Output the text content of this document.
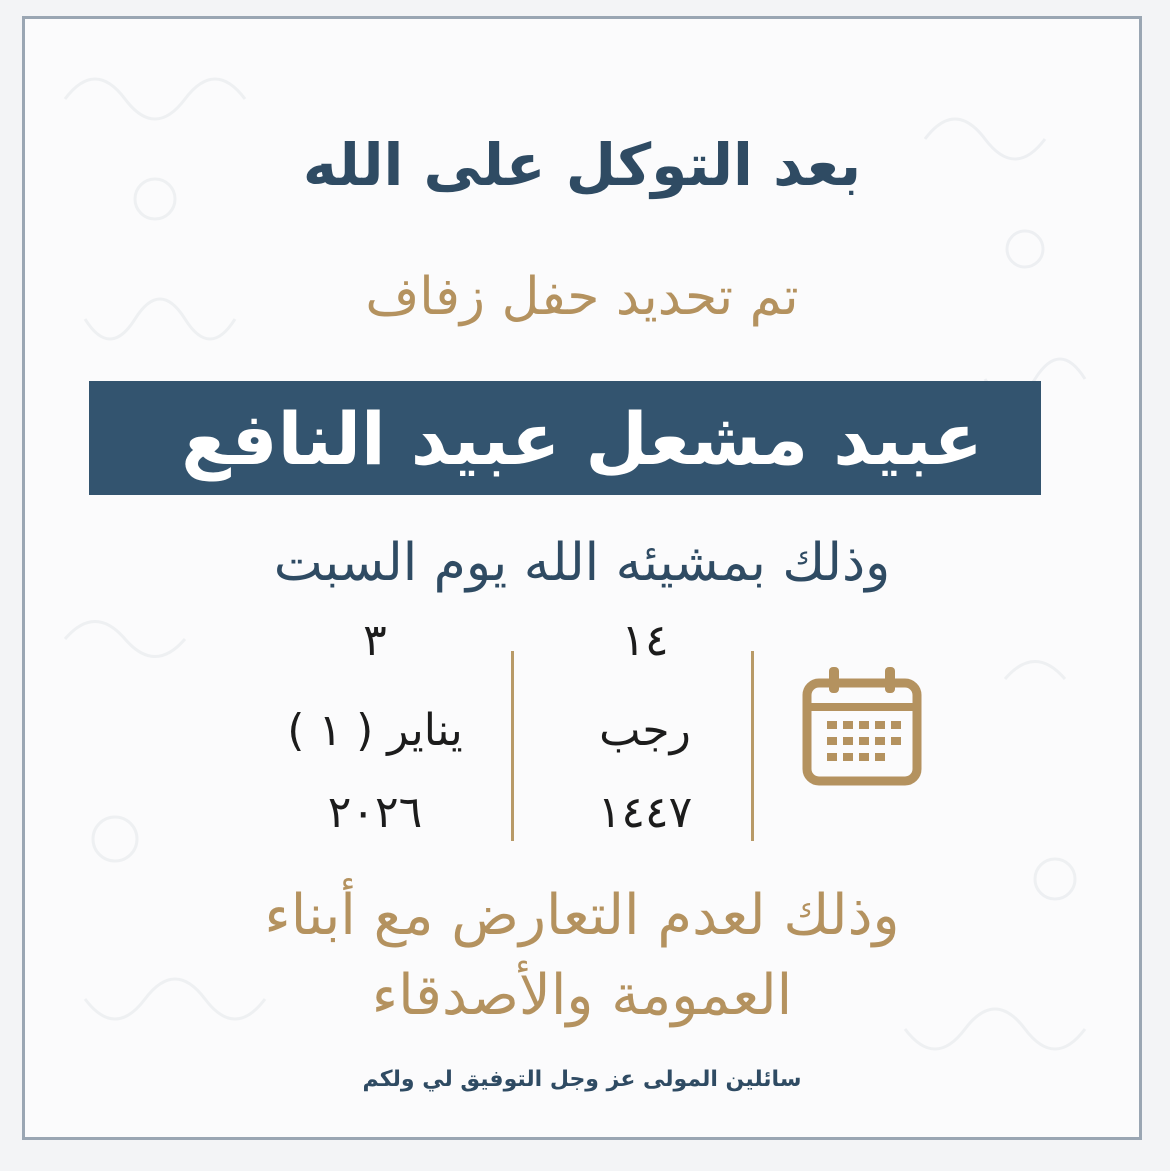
بعد التوكل على الله
تم تحديد حفل زفاف
عبيد مشعل عبيد النافع
وذلك بمشيئه الله يوم السبت
١٤
رجب
١٤٤٧
٣
يناير ( ١ )
٢٠٢٦
وذلك لعدم التعارض مع أبناء
العمومة والأصدقاء
سائلين المولى عز وجل التوفيق لي ولكم
